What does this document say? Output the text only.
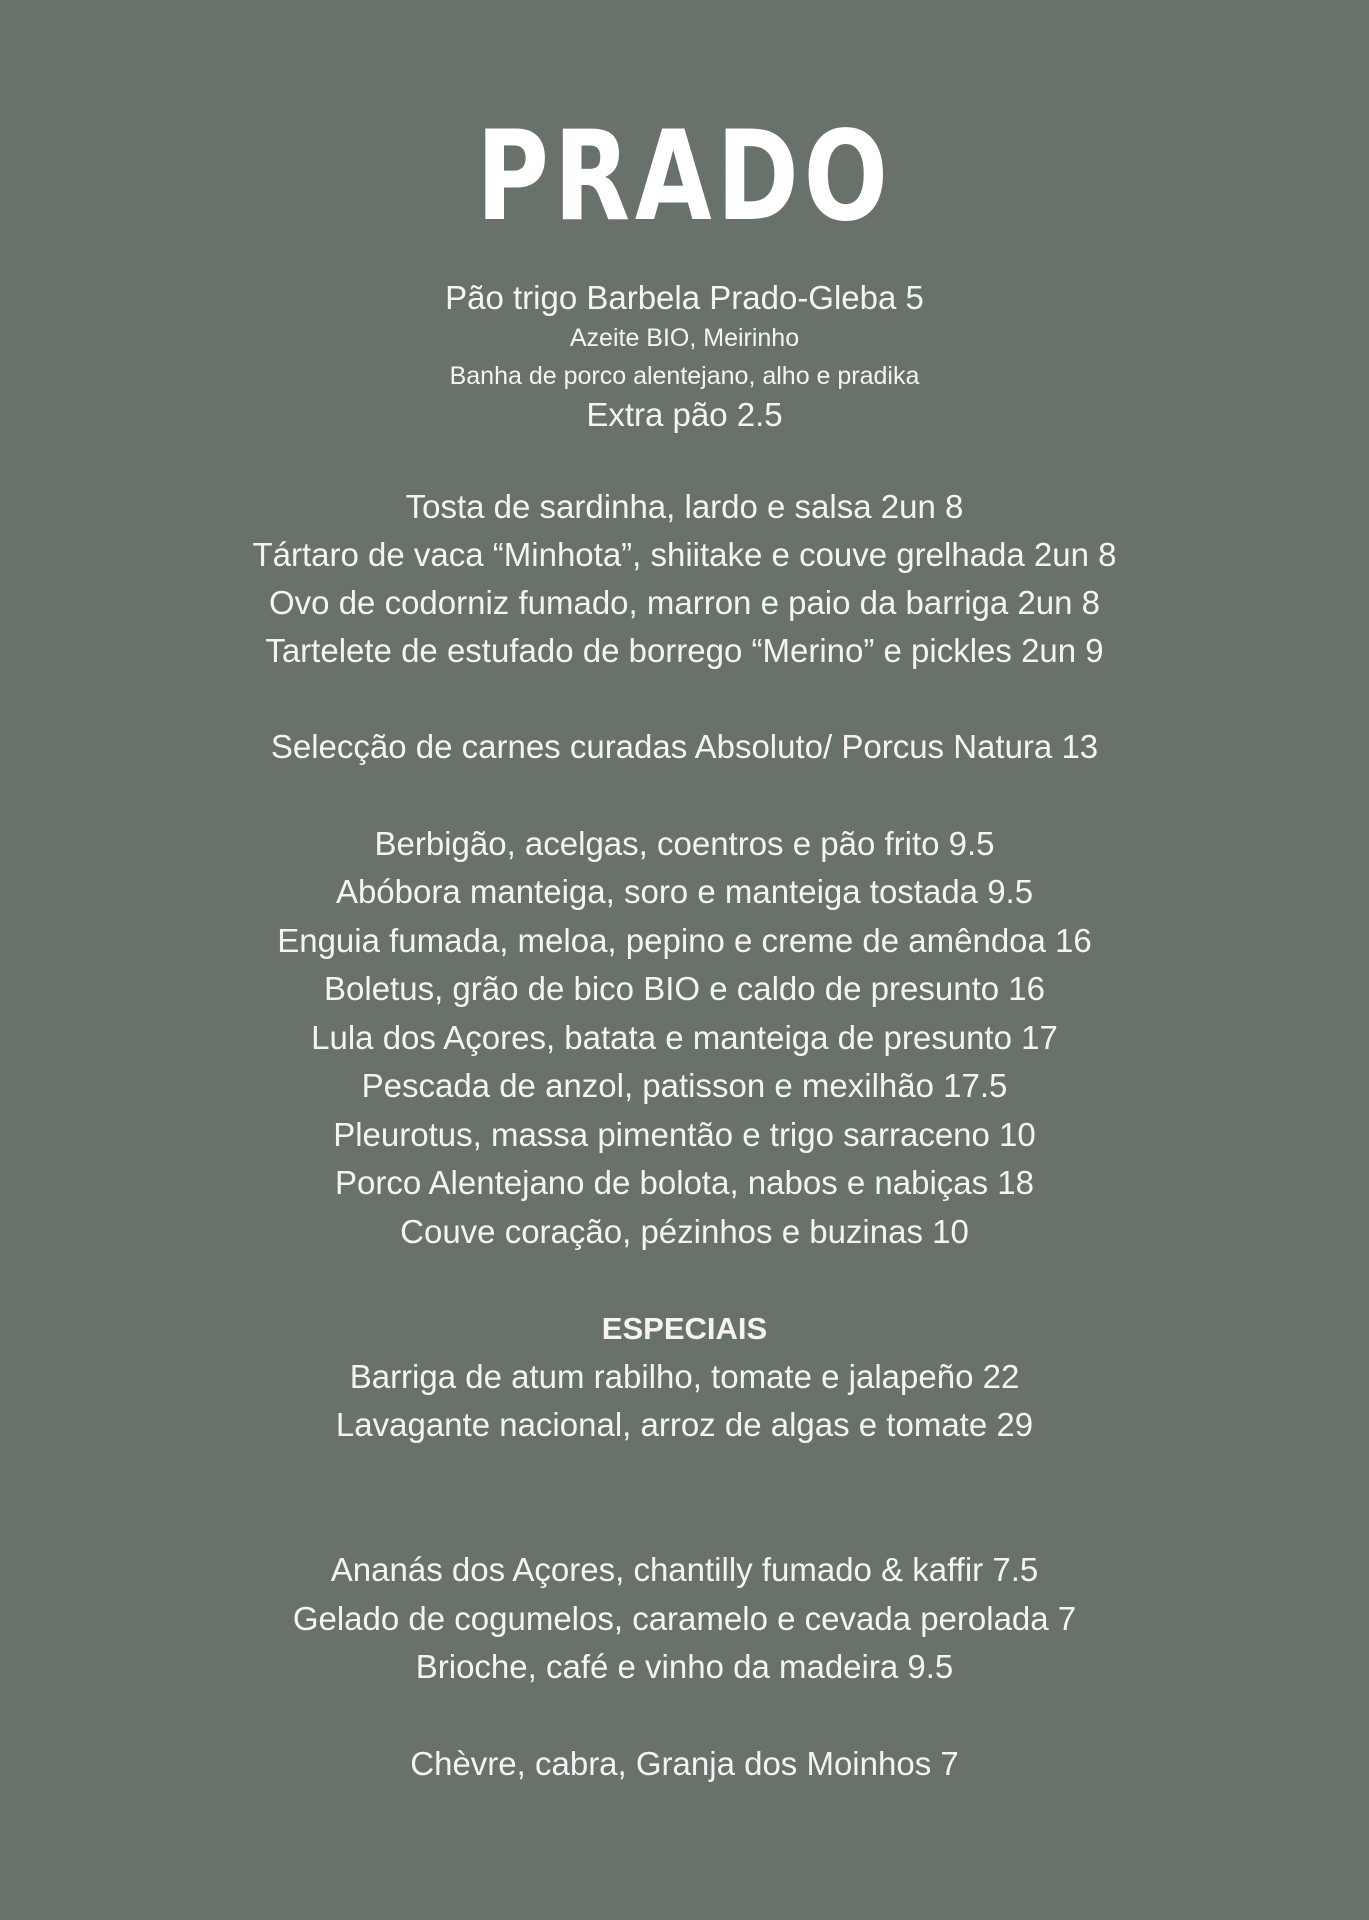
PRADO
Pão trigo Barbela Prado-Gleba 5
Azeite BIO, Meirinho
Banha de porco alentejano, alho e pradika
Extra pão 2.5
Tosta de sardinha, lardo e salsa 2un 8
Tártaro de vaca “Minhota”, shiitake e couve grelhada 2un 8
Ovo de codorniz fumado, marron e paio da barriga 2un 8
Tartelete de estufado de borrego “Merino” e pickles 2un 9
Selecção de carnes curadas Absoluto/ Porcus Natura 13
Berbigão, acelgas, coentros e pão frito 9.5
Abóbora manteiga, soro e manteiga tostada 9.5
Enguia fumada, meloa, pepino e creme de amêndoa 16
Boletus, grão de bico BIO e caldo de presunto 16
Lula dos Açores, batata e manteiga de presunto 17
Pescada de anzol, patisson e mexilhão 17.5
Pleurotus, massa pimentão e trigo sarraceno 10
Porco Alentejano de bolota, nabos e nabiças 18
Couve coração, pézinhos e buzinas 10
ESPECIAIS
Barriga de atum rabilho, tomate e jalapeño 22
Lavagante nacional, arroz de algas e tomate 29
Ananás dos Açores, chantilly fumado & kaffir 7.5
Gelado de cogumelos, caramelo e cevada perolada 7
Brioche, café e vinho da madeira 9.5
Chèvre, cabra, Granja dos Moinhos 7
